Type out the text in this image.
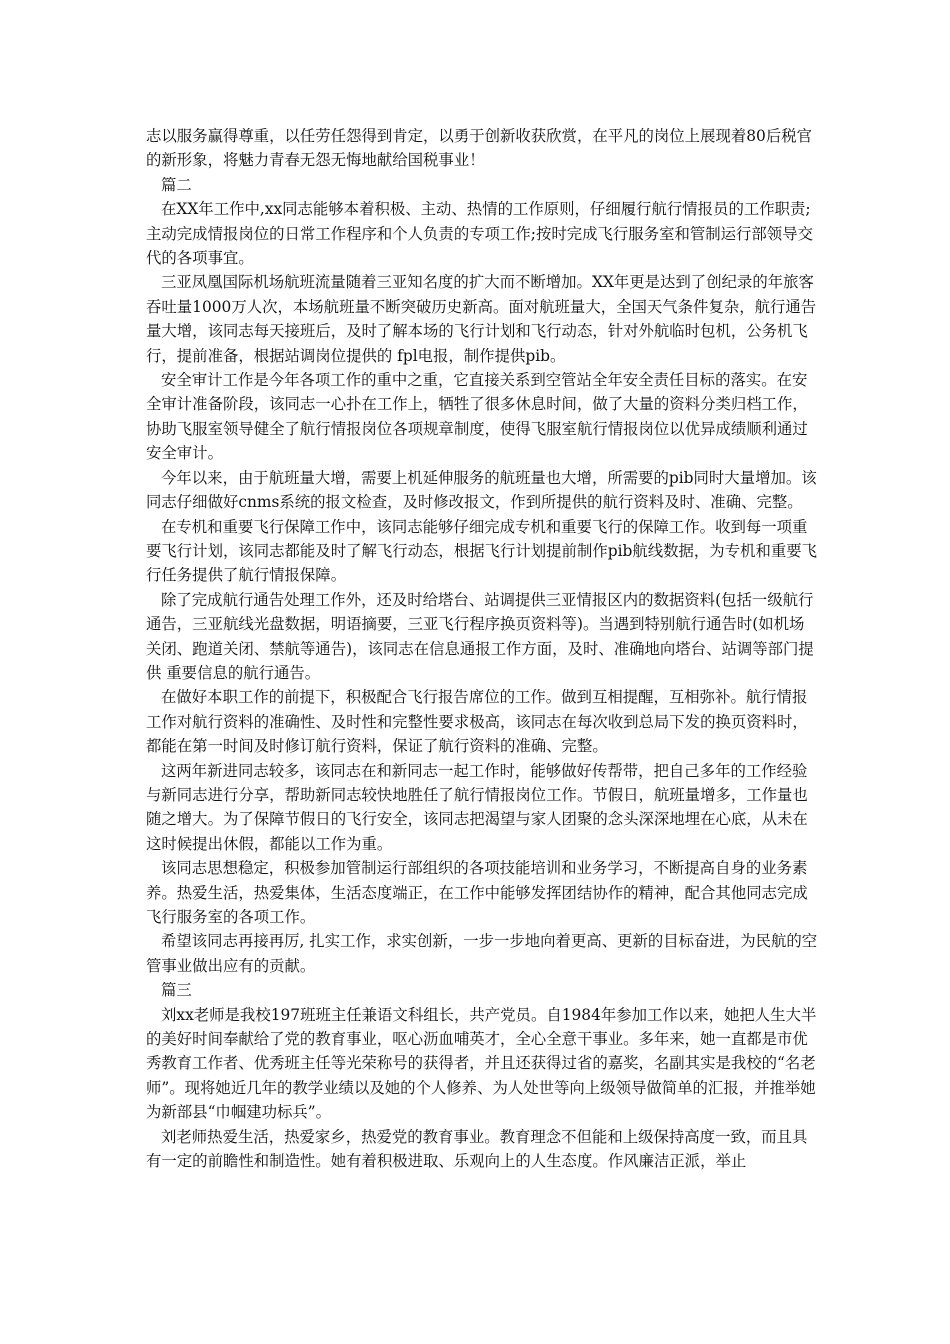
志以服务赢得尊重，以任劳任怨得到肯定，以勇于创新收获欣赏，在平凡的岗位上展现着80后税官的新形象，将魅力青春无怨无悔地献给国税事业！

篇二

在XX年工作中,xx同志能够本着积极、主动、热情的工作原则，仔细履行航行情报员的工作职责;主动完成情报岗位的日常工作程序和个人负责的专项工作;按时完成飞行服务室和管制运行部领导交代的各项事宜。

三亚凤凰国际机场航班流量随着三亚知名度的扩大而不断增加。XX年更是达到了创纪录的年旅客吞吐量1000万人次，本场航班量不断突破历史新高。面对航班量大，全国天气条件复杂，航行通告量大增，该同志每天接班后，及时了解本场的飞行计划和飞行动态，针对外航临时包机，公务机飞行，提前准备，根据站调岗位提供的 fpl电报，制作提供pib。

安全审计工作是今年各项工作的重中之重，它直接关系到空管站全年安全责任目标的落实。在安全审计准备阶段，该同志一心扑在工作上，牺牲了很多休息时间，做了大量的资料分类归档工作，协助飞服室领导健全了航行情报岗位各项规章制度，使得飞服室航行情报岗位以优异成绩顺利通过安全审计。

今年以来，由于航班量大增，需要上机延伸服务的航班量也大增，所需要的pib同时大量增加。该同志仔细做好cnms系统的报文检查，及时修改报文，作到所提供的航行资料及时、准确、完整。

在专机和重要飞行保障工作中，该同志能够仔细完成专机和重要飞行的保障工作。收到每一项重要飞行计划，该同志都能及时了解飞行动态，根据飞行计划提前制作pib航线数据，为专机和重要飞行任务提供了航行情报保障。

除了完成航行通告处理工作外，还及时给塔台、站调提供三亚情报区内的数据资料(包括一级航行通告，三亚航线光盘数据，明语摘要，三亚飞行程序换页资料等)。当遇到特别航行通告时(如机场关闭、跑道关闭、禁航等通告)，该同志在信息通报工作方面，及时、准确地向塔台、站调等部门提供 重要信息的航行通告。

在做好本职工作的前提下，积极配合飞行报告席位的工作。做到互相提醒，互相弥补。航行情报工作对航行资料的准确性、及时性和完整性要求极高，该同志在每次收到总局下发的换页资料时，都能在第一时间及时修订航行资料，保证了航行资料的准确、完整。

这两年新进同志较多，该同志在和新同志一起工作时，能够做好传帮带，把自己多年的工作经验与新同志进行分享，帮助新同志较快地胜任了航行情报岗位工作。节假日，航班量增多，工作量也随之增大。为了保障节假日的飞行安全，该同志把渴望与家人团聚的念头深深地埋在心底，从未在这时候提出休假，都能以工作为重。

该同志思想稳定，积极参加管制运行部组织的各项技能培训和业务学习，不断提高自身的业务素养。热爱生活，热爱集体，生活态度端正，在工作中能够发挥团结协作的精神，配合其他同志完成飞行服务室的各项工作。

希望该同志再接再厉, 扎实工作，求实创新，一步一步地向着更高、更新的目标奋进，为民航的空管事业做出应有的贡献。

篇三

刘xx老师是我校197班班主任兼语文科组长，共产党员。自1984年参加工作以来，她把人生大半的美好时间奉献给了党的教育事业，呕心沥血哺英才，全心全意干事业。多年来，她一直都是市优秀教育工作者、优秀班主任等光荣称号的获得者，并且还获得过省的嘉奖，名副其实是我校的“名老师”。现将她近几年的教学业绩以及她的个人修养、为人处世等向上级领导做简单的汇报，并推举她为新部县“巾帼建功标兵”。

刘老师热爱生活，热爱家乡，热爱党的教育事业。教育理念不但能和上级保持高度一致，而且具有一定的前瞻性和制造性。她有着积极进取、乐观向上的人生态度。作风廉洁正派，举止
